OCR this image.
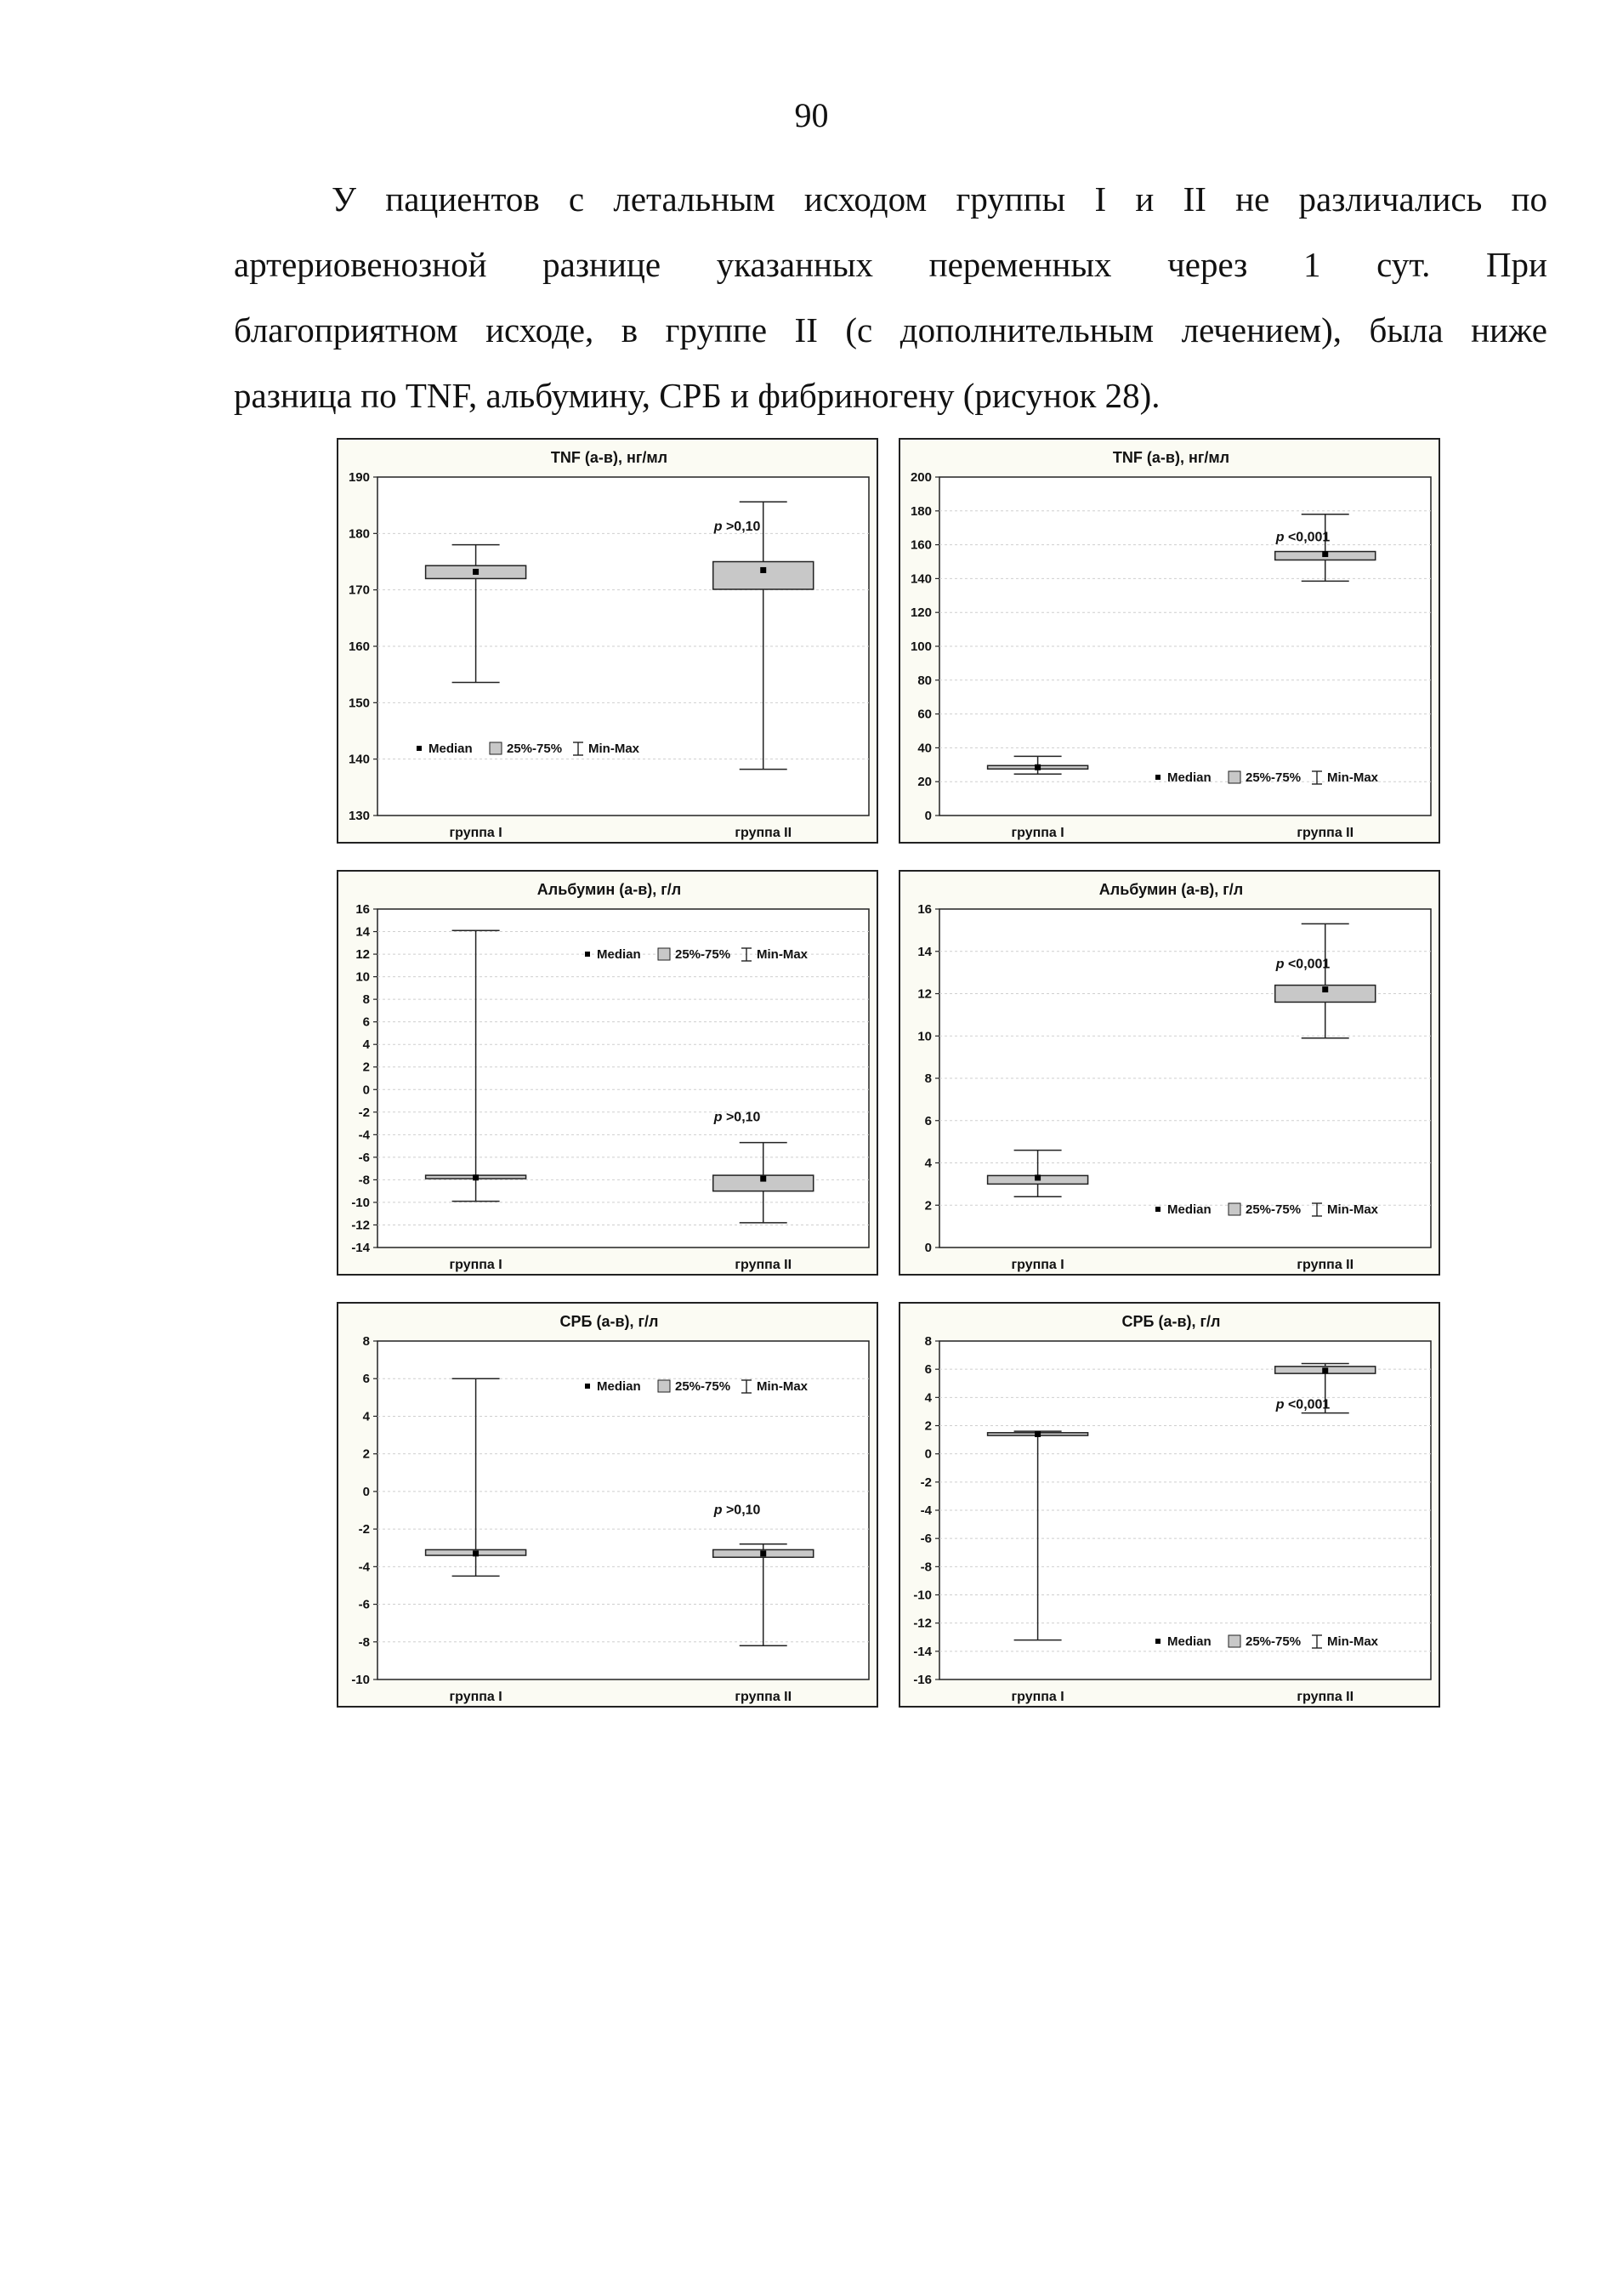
90
У пациентов с летальным исходом группы I и II не различались по
артериовенозной разнице указанных переменных через 1 сут. При
благоприятном исходе, в группе II (с дополнительным лечением), была ниже
разница по TNF, альбумину, СРБ и фибриногену (рисунок 28).
TNF (а-в), нг/мл
130
140
150
160
170
180
190
группа I	группа II
p >0,10
Median	25%-75% Min-Max
TNF (а-в), нг/мл
0
20
40
60
80
100
120
140
160
180
200
группа I	группа II
p <0,001
Median	25%-75% Min-Max
Альбумин (а-в), г/л
-14
-12
-10
-8
-6
-4
-2
0
2
4
6
8
10
12
14
16
группа I	группа II
p >0,10
Median	25%-75% Min-Max
Альбумин (а-в), г/л
0
2
4
6
8
10
12
14
16
группа I	группа II
p <0,001
Median	25%-75% Min-Max
СРБ (а-в), г/л
-10
-8
-6
-4
-2
0
2
4
6
8
группа I	группа II
p >0,10
Median	25%-75% Min-Max
СРБ (а-в), г/л
-16
-14
-12
-10
-8
-6
-4
-2
0
2
4
6
8
группа I	группа II
p <0,001
Median	25%-75% Min-Max
